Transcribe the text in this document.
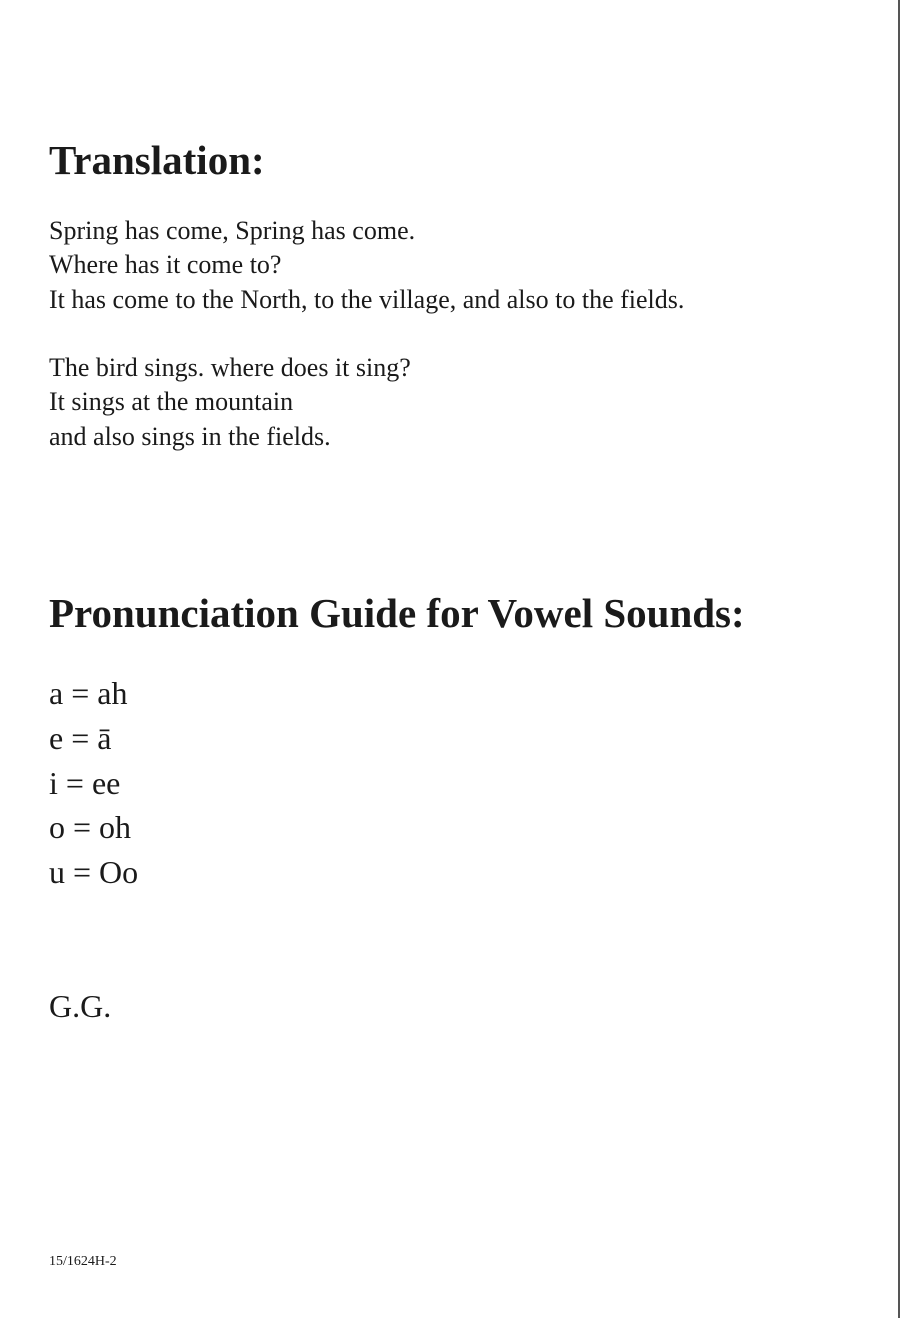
Translation:

Spring has come, Spring has come.
Where has it come to?
It has come to the North, to the village, and also to the fields.

The bird sings. where does it sing?
It sings at the mountain
and also sings in the fields.

Pronunciation Guide for Vowel Sounds:
a = ah
e = ā
i = ee
o = oh
u = Oo

G.G.

15/1624H-2
